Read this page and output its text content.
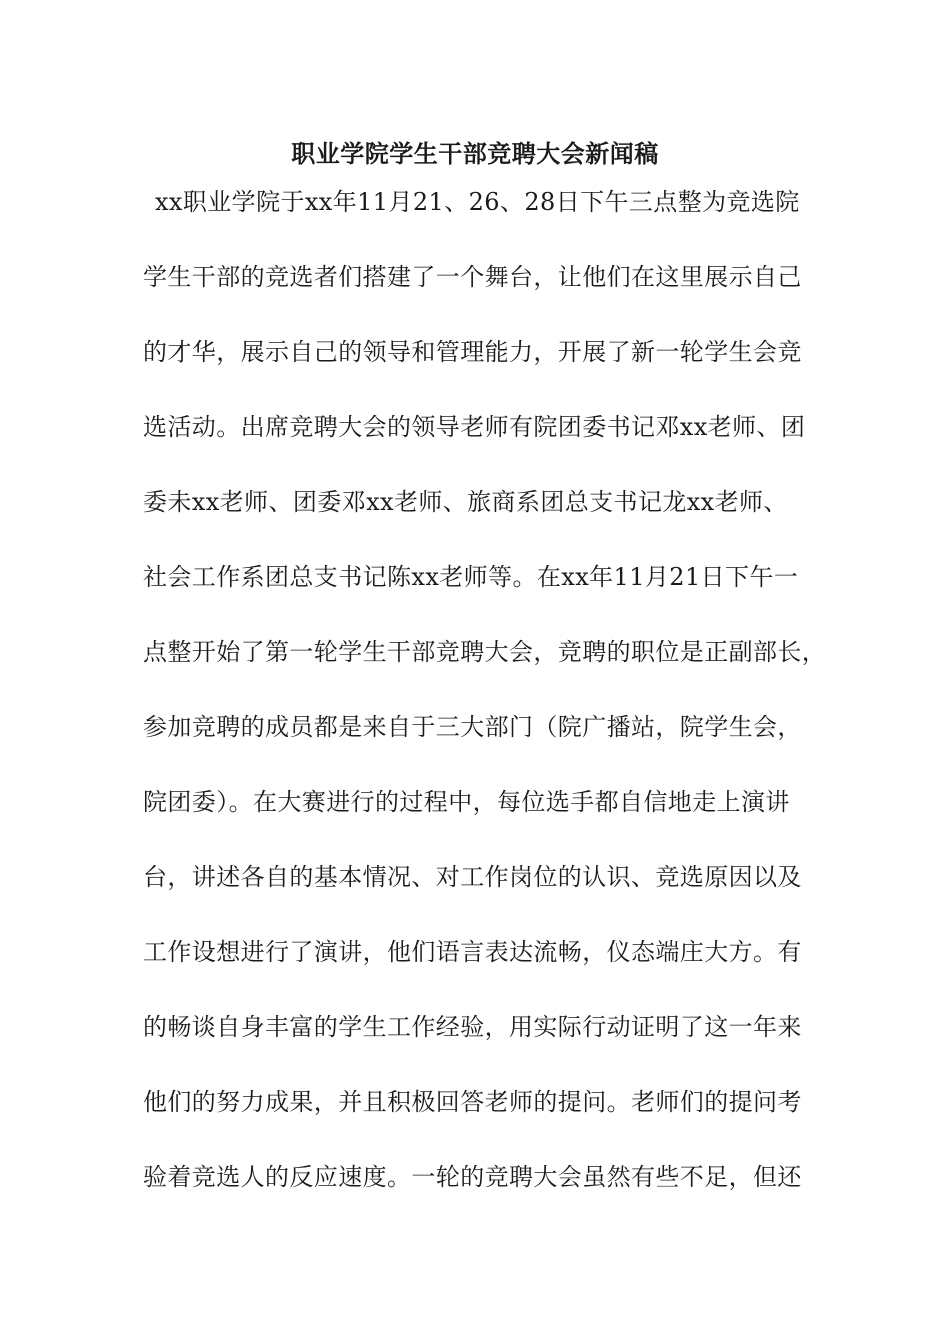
职业学院学生干部竞聘大会新闻稿
xx职业学院于xx年11月21、26、28日下午三点整为竞选院
学生干部的竞选者们搭建了一个舞台，让他们在这里展示自己
的才华，展示自己的领导和管理能力，开展了新一轮学生会竞
选活动。出席竞聘大会的领导老师有院团委书记邓xx老师、团
委未xx老师、团委邓xx老师、旅商系团总支书记龙xx老师、
社会工作系团总支书记陈xx老师等。在xx年11月21日下午一
点整开始了第一轮学生干部竞聘大会，竞聘的职位是正副部长，
参加竞聘的成员都是来自于三大部门（院广播站，院学生会，
院团委）。在大赛进行的过程中，每位选手都自信地走上演讲
台，讲述各自的基本情况、对工作岗位的认识、竞选原因以及
工作设想进行了演讲，他们语言表达流畅，仪态端庄大方。有
的畅谈自身丰富的学生工作经验，用实际行动证明了这一年来
他们的努力成果，并且积极回答老师的提问。老师们的提问考
验着竞选人的反应速度。一轮的竞聘大会虽然有些不足，但还
